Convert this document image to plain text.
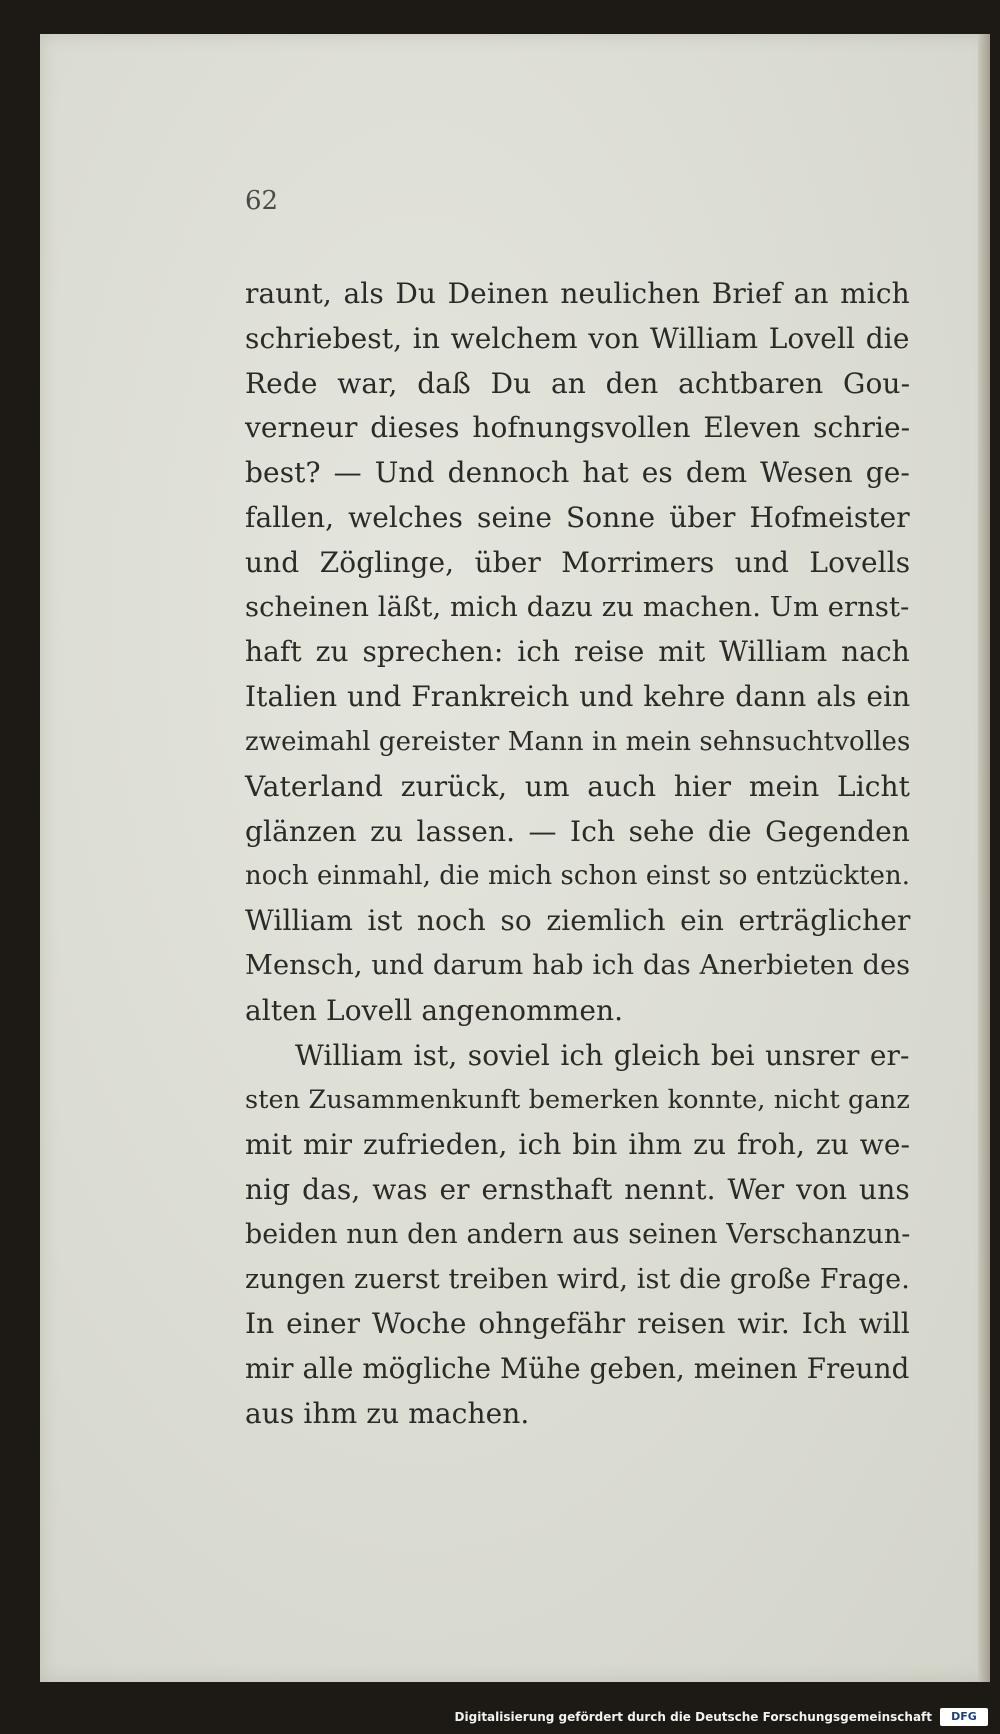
62
raunt, als Du Deinen neulichen Brief an mich
schriebest, in welchem von William Lovell die
Rede war, daß Du an den achtbaren Gou-
verneur dieses hofnungsvollen Eleven schrie-
best? — Und dennoch hat es dem Wesen ge-
fallen, welches seine Sonne über Hofmeister
und Zöglinge, über Morrimers und Lovells
scheinen läßt, mich dazu zu machen. Um ernst-
haft zu sprechen: ich reise mit William nach
Italien und Frankreich und kehre dann als ein
zweimahl gereister Mann in mein sehnsuchtvolles
Vaterland zurück, um auch hier mein Licht
glänzen zu lassen. — Ich sehe die Gegenden
noch einmahl, die mich schon einst so entzückten.
William ist noch so ziemlich ein erträglicher
Mensch, und darum hab ich das Anerbieten des
alten Lovell angenommen.
William ist, soviel ich gleich bei unsrer er-
sten Zusammenkunft bemerken konnte, nicht ganz
mit mir zufrieden, ich bin ihm zu froh, zu we-
nig das, was er ernsthaft nennt. Wer von uns
beiden nun den andern aus seinen Verschanzun-
zungen zuerst treiben wird, ist die große Frage.
In einer Woche ohngefähr reisen wir. Ich will
mir alle mögliche Mühe geben, meinen Freund
aus ihm zu machen.
Digitalisierung gefördert durch die Deutsche Forschungsgemeinschaft	DFG
